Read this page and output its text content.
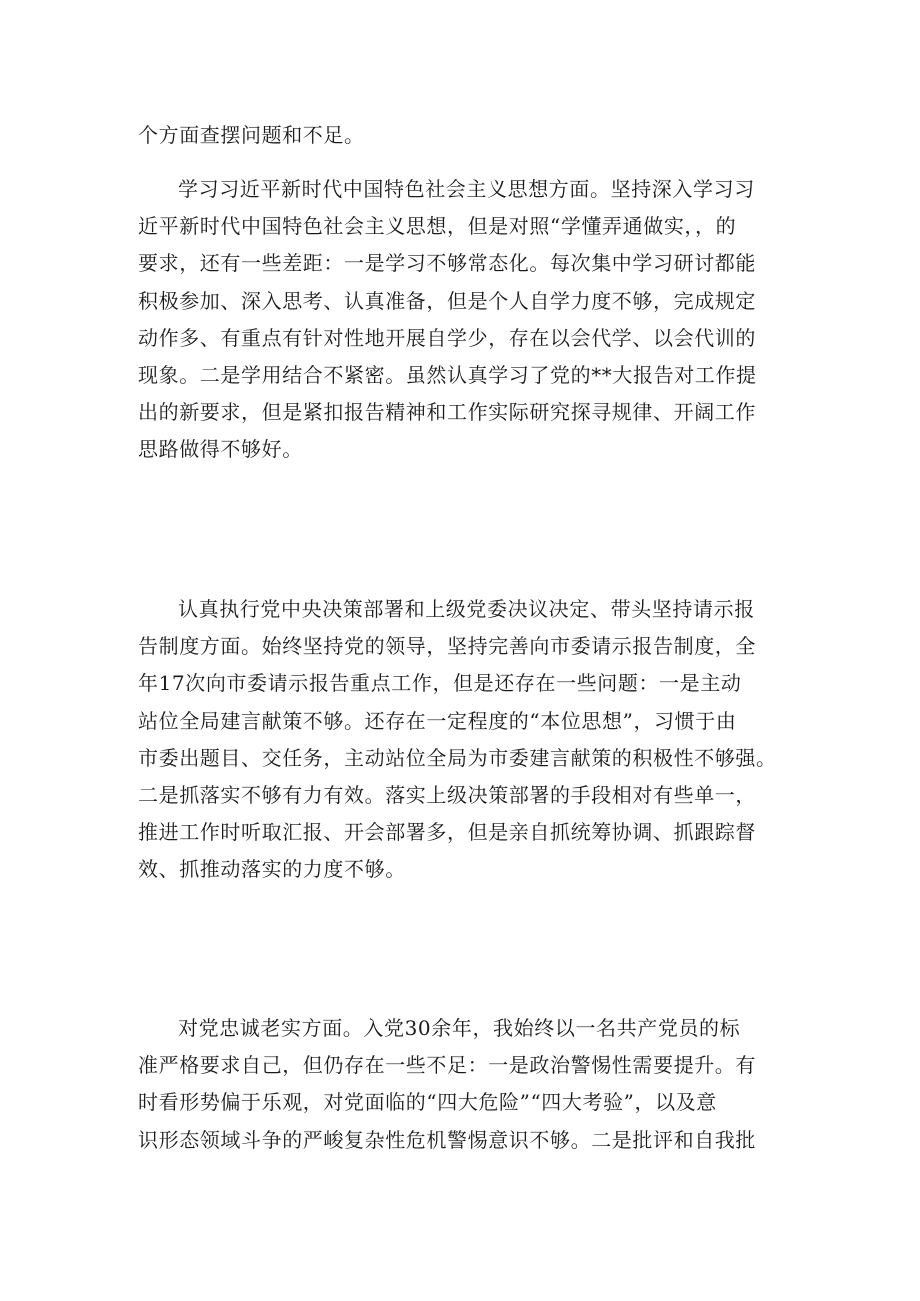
个方面查摆问题和不足。
学习习近平新时代中国特色社会主义思想方面。坚持深入学习习
近平新时代中国特色社会主义思想，但是对照“学懂弄通做实，，的
要求，还有一些差距：一是学习不够常态化。每次集中学习研讨都能
积极参加、深入思考、认真准备，但是个人自学力度不够，完成规定
动作多、有重点有针对性地开展自学少，存在以会代学、以会代训的
现象。二是学用结合不紧密。虽然认真学习了党的**大报告对工作提
出的新要求，但是紧扣报告精神和工作实际研究探寻规律、开阔工作
思路做得不够好。
认真执行党中央决策部署和上级党委决议决定、带头坚持请示报
告制度方面。始终坚持党的领导，坚持完善向市委请示报告制度，全
年17次向市委请示报告重点工作，但是还存在一些问题：一是主动
站位全局建言献策不够。还存在一定程度的“本位思想”，习惯于由
市委出题目、交任务，主动站位全局为市委建言献策的积极性不够强。
二是抓落实不够有力有效。落实上级决策部署的手段相对有些单一，
推进工作时听取汇报、开会部署多，但是亲自抓统筹协调、抓跟踪督
效、抓推动落实的力度不够。
对党忠诚老实方面。入党30余年，我始终以一名共产党员的标
准严格要求自己，但仍存在一些不足：一是政治警惕性需要提升。有
时看形势偏于乐观，对党面临的“四大危险”“四大考验”，以及意
识形态领域斗争的严峻复杂性危机警惕意识不够。二是批评和自我批
